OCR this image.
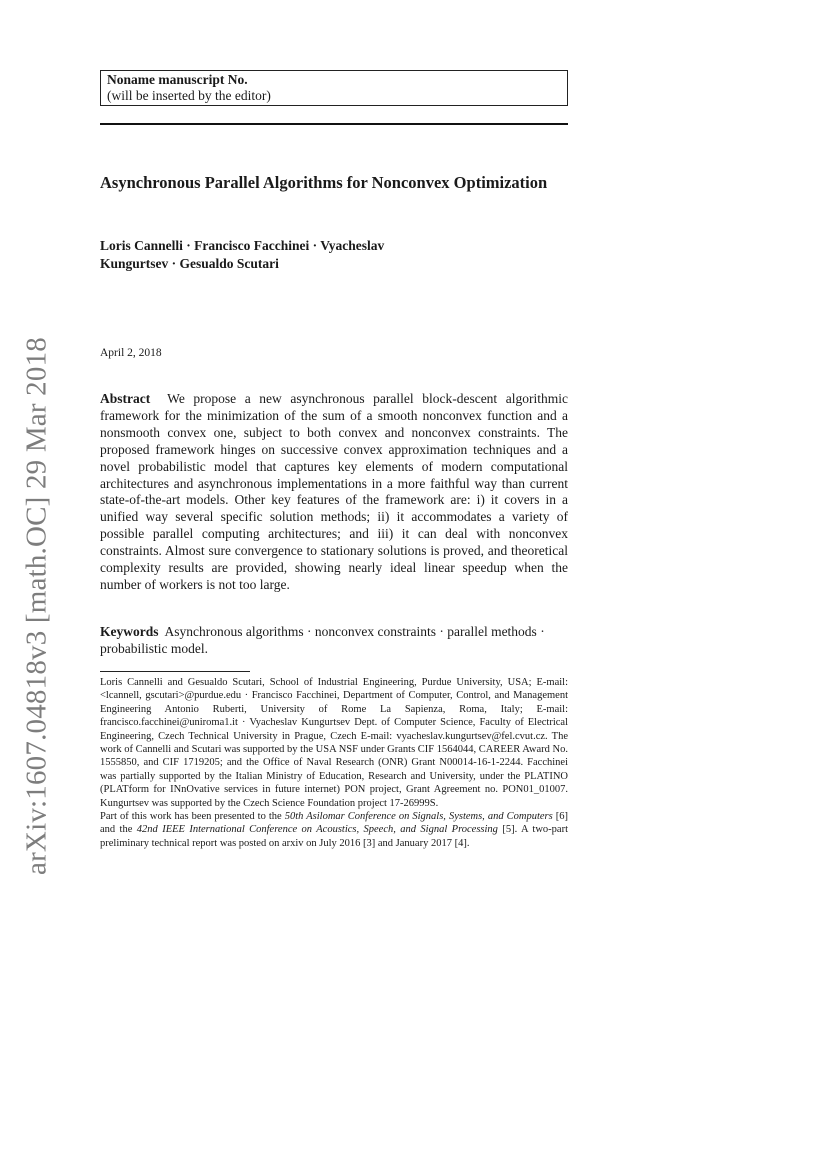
arXiv:1607.04818v3 [math.OC] 29 Mar 2018
Noname manuscript No.
(will be inserted by the editor)
Asynchronous Parallel Algorithms for Nonconvex Optimization
Loris Cannelli · Francisco Facchinei · Vyacheslav Kungurtsev · Gesualdo Scutari
April 2, 2018

Abstract We propose a new asynchronous parallel block-descent algorithmic framework for the minimization of the sum of a smooth nonconvex function and a nonsmooth convex one, subject to both convex and nonconvex constraints. The proposed framework hinges on successive convex approximation techniques and a novel probabilistic model that captures key elements of modern computational architectures and asynchronous implementations in a more faithful way than current state-of-the-art models. Other key features of the framework are: i) it covers in a unified way several specific solution methods; ii) it accommodates a variety of possible parallel computing architectures; and iii) it can deal with nonconvex constraints. Almost sure convergence to stationary solutions is proved, and theoretical complexity results are provided, showing nearly ideal linear speedup when the number of workers is not too large.

Keywords Asynchronous algorithms · nonconvex constraints · parallel methods · probabilistic model.

Loris Cannelli and Gesualdo Scutari, School of Industrial Engineering, Purdue University, USA; E-mail: <lcannell, gscutari>@purdue.edu · Francisco Facchinei, Department of Computer, Control, and Management Engineering Antonio Ruberti, University of Rome La Sapienza, Roma, Italy; E-mail: francisco.facchinei@uniroma1.it · Vyacheslav Kungurtsev Dept. of Computer Science, Faculty of Electrical Engineering, Czech Technical University in Prague, Czech E-mail: vyacheslav.kungurtsev@fel.cvut.cz. The work of Cannelli and Scutari was supported by the USA NSF under Grants CIF 1564044, CAREER Award No. 1555850, and CIF 1719205; and the Office of Naval Research (ONR) Grant N00014-16-1-2244. Facchinei was partially supported by the Italian Ministry of Education, Research and University, under the PLATINO (PLATform for INnOvative services in future internet) PON project, Grant Agreement no. PON01_01007. Kungurtsev was supported by the Czech Science Foundation project 17-26999S.

Part of this work has been presented to the 50th Asilomar Conference on Signals, Systems, and Computers [6] and the 42nd IEEE International Conference on Acoustics, Speech, and Signal Processing [5]. A two-part preliminary technical report was posted on arxiv on July 2016 [3] and January 2017 [4].
